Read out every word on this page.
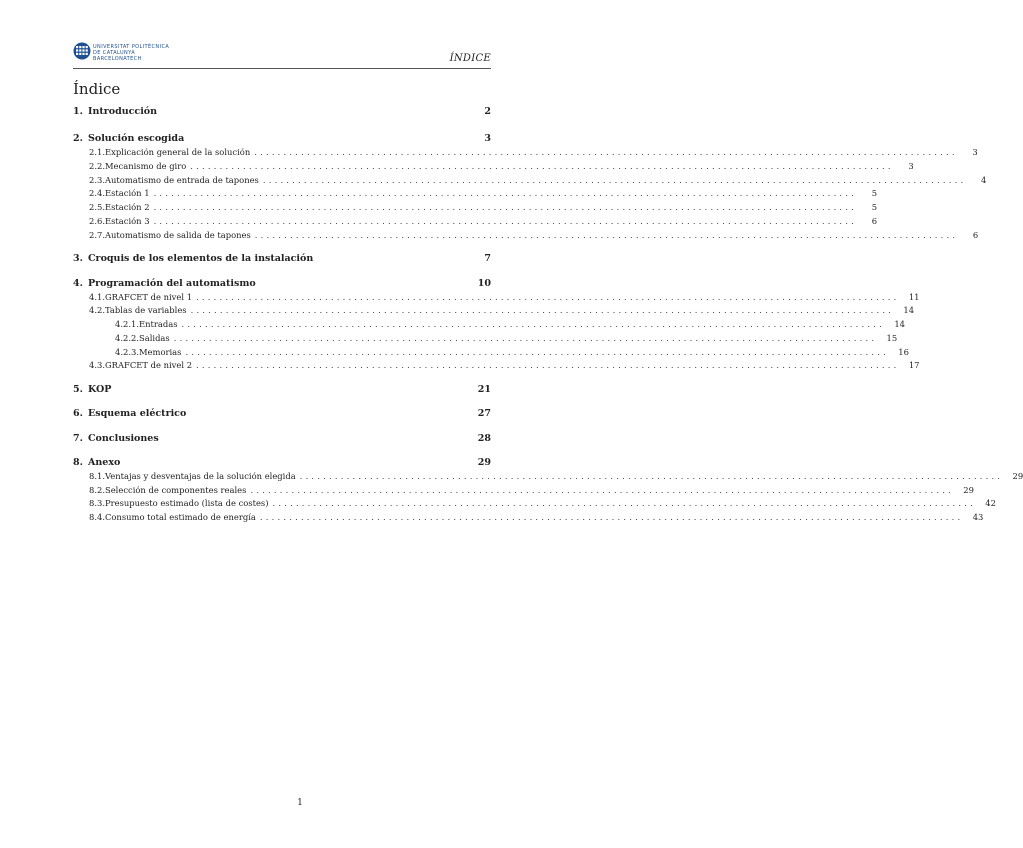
UNIVERSITAT POLITÈCNICA
DE CATALUNYA
BARCELONATECH	ÍNDICE
Índice
1. Introducción	2
2. Solución escogida	3
2.1. Explicación general de la solución ........................................................................................................................	3
2.2. Mecanismo de giro ........................................................................................................................	3
2.3. Automatismo de entrada de tapones ........................................................................................................................	4
2.4. Estación 1 ........................................................................................................................	5
2.5. Estación 2 ........................................................................................................................	5
2.6. Estación 3 ........................................................................................................................	6
2.7. Automatismo de salida de tapones ........................................................................................................................	6
3. Croquis de los elementos de la instalación	7
4. Programación del automatismo	10
4.1. GRAFCET de nivel 1 ........................................................................................................................	11
4.2. Tablas de variables ........................................................................................................................	14
4.2.1. Entradas ........................................................................................................................	14
4.2.2. Salidas ........................................................................................................................	15
4.2.3. Memorias ........................................................................................................................	16
4.3. GRAFCET de nivel 2 ........................................................................................................................	17
5. KOP	21
6. Esquema eléctrico	27
7. Conclusiones	28
8. Anexo	29
8.1. Ventajas y desventajas de la solución elegida ........................................................................................................................	29
8.2. Selección de componentes reales ........................................................................................................................	29
8.3. Presupuesto estimado (lista de costes) ........................................................................................................................	42
8.4. Consumo total estimado de energía ........................................................................................................................	43
1
